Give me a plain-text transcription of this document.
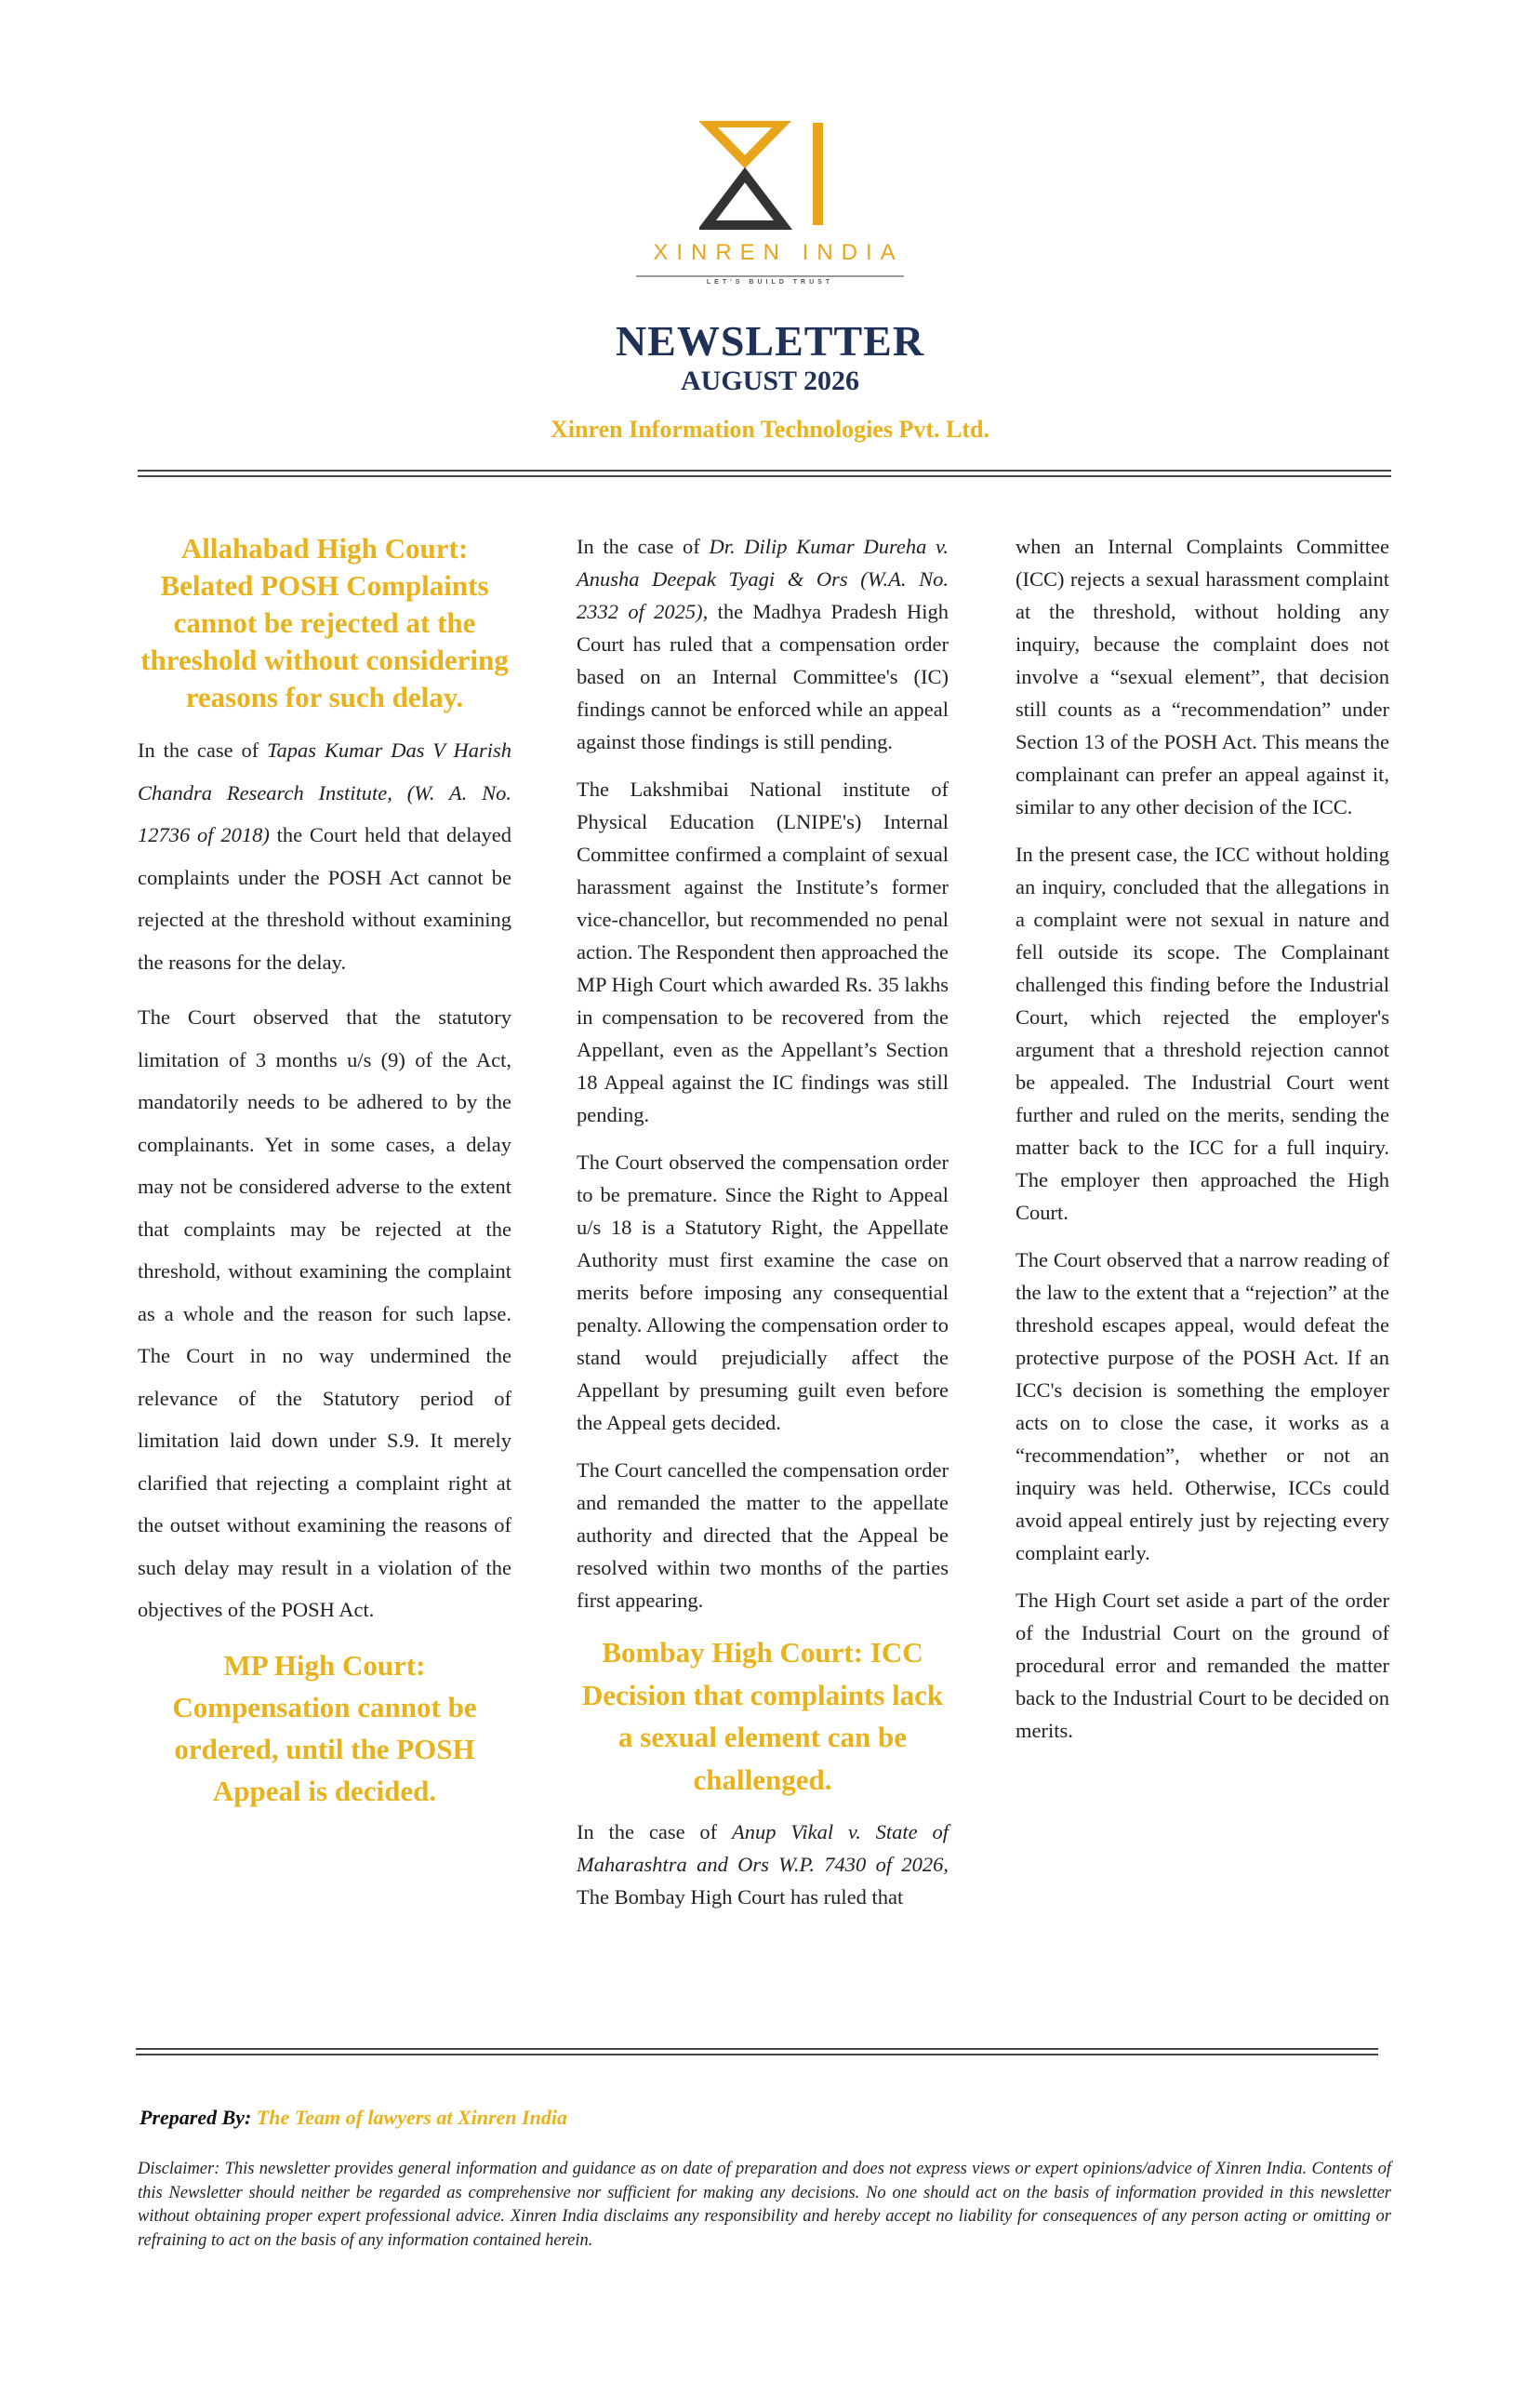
XINREN INDIA
LET'S BUILD TRUST
NEWSLETTER
AUGUST 2026
Xinren Information Technologies Pvt. Ltd.
Allahabad High Court: Belated POSH Complaints cannot be rejected at the threshold without considering reasons for such delay.

In the case of Tapas Kumar Das V Harish Chandra Research Institute, (W. A. No. 12736 of 2018) the Court held that delayed complaints under the POSH Act cannot be rejected at the threshold without examining the reasons for the delay.

The Court observed that the statutory limitation of 3 months u/s (9) of the Act, mandatorily needs to be adhered to by the complainants. Yet in some cases, a delay may not be considered adverse to the extent that complaints may be rejected at the threshold, without examining the complaint as a whole and the reason for such lapse. The Court in no way undermined the relevance of the Statutory period of limitation laid down under S.9. It merely clarified that rejecting a complaint right at the outset without examining the reasons of such delay may result in a violation of the objectives of the POSH Act.

MP High Court: Compensation cannot be ordered, until the POSH Appeal is decided.

In the case of Dr. Dilip Kumar Dureha v. Anusha Deepak Tyagi & Ors (W.A. No. 2332 of 2025), the Madhya Pradesh High Court has ruled that a compensation order based on an Internal Committee's (IC) findings cannot be enforced while an appeal against those findings is still pending.

The Lakshmibai National institute of Physical Education (LNIPE's) Internal Committee confirmed a complaint of sexual harassment against the Institute’s former vice-chancellor, but recommended no penal action. The Respondent then approached the MP High Court which awarded Rs. 35 lakhs in compensation to be recovered from the Appellant, even as the Appellant’s Section 18 Appeal against the IC findings was still pending.

The Court observed the compensation order to be premature. Since the Right to Appeal u/s 18 is a Statutory Right, the Appellate Authority must first examine the case on merits before imposing any consequential penalty. Allowing the compensation order to stand would prejudicially affect the Appellant by presuming guilt even before the Appeal gets decided.

The Court cancelled the compensation order and remanded the matter to the appellate authority and directed that the Appeal be resolved within two months of the parties first appearing.

Bombay High Court: ICC Decision that complaints lack a sexual element can be challenged.

In the case of Anup Vikal v. State of Maharashtra and Ors W.P. 7430 of 2026, The Bombay High Court has ruled that

when an Internal Complaints Committee (ICC) rejects a sexual harassment complaint at the threshold, without holding any inquiry, because the complaint does not involve a “sexual element”, that decision still counts as a “recommendation” under Section 13 of the POSH Act. This means the complainant can prefer an appeal against it, similar to any other decision of the ICC.

In the present case, the ICC without holding an inquiry, concluded that the allegations in a complaint were not sexual in nature and fell outside its scope. The Complainant challenged this finding before the Industrial Court, which rejected the employer's argument that a threshold rejection cannot be appealed. The Industrial Court went further and ruled on the merits, sending the matter back to the ICC for a full inquiry. The employer then approached the High Court.

The Court observed that a narrow reading of the law to the extent that a “rejection” at the threshold escapes appeal, would defeat the protective purpose of the POSH Act. If an ICC's decision is something the employer acts on to close the case, it works as a “recommendation”, whether or not an inquiry was held. Otherwise, ICCs could avoid appeal entirely just by rejecting every complaint early.

The High Court set aside a part of the order of the Industrial Court on the ground of procedural error and remanded the matter back to the Industrial Court to be decided on merits.

Prepared By: The Team of lawyers at Xinren India
Disclaimer: This newsletter provides general information and guidance as on date of preparation and does not express views or expert opinions/advice of Xinren India. Contents of this Newsletter should neither be regarded as comprehensive nor sufficient for making any decisions. No one should act on the basis of information provided in this newsletter without obtaining proper expert professional advice. Xinren India disclaims any responsibility and hereby accept no liability for consequences of any person acting or omitting or refraining to act on the basis of any information contained herein.
